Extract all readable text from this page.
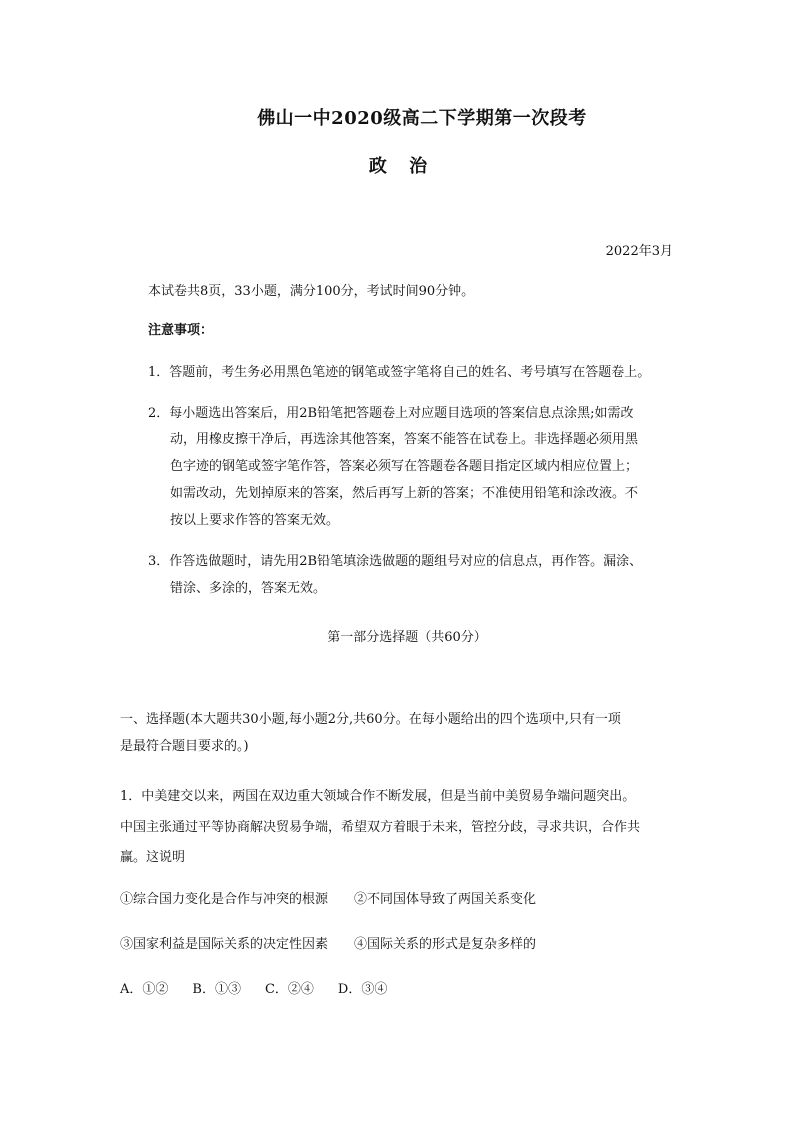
佛山一中2020级高二下学期第一次段考
政 治
2022年3月
本试卷共8页，33小题，满分100分，考试时间90分钟。
注意事项：
1．答题前，考生务必用黑色笔迹的钢笔或签字笔将自己的姓名、考号填写在答题卷上。
2．每小题选出答案后，用2B铅笔把答题卷上对应题目选项的答案信息点涂黑;如需改
动，用橡皮擦干净后，再选涂其他答案，答案不能答在试卷上。非选择题必须用黑
色字迹的钢笔或签字笔作答，答案必须写在答题卷各题目指定区域内相应位置上；
如需改动，先划掉原来的答案，然后再写上新的答案；不准使用铅笔和涂改液。不
按以上要求作答的答案无效。
3．作答选做题时，请先用2B铅笔填涂选做题的题组号对应的信息点，再作答。漏涂、
错涂、多涂的，答案无效。
第一部分选择题（共60分）
一、选择题(本大题共30小题,每小题2分,共60分。在每小题给出的四个选项中,只有一项
是最符合题目要求的。)
1．中美建交以来，两国在双边重大领域合作不断发展，但是当前中美贸易争端问题突出。
中国主张通过平等协商解决贸易争端，希望双方着眼于未来，管控分歧，寻求共识，合作共
赢。这说明
①综合国力变化是合作与冲突的根源 ②不同国体导致了两国关系变化
③国家利益是国际关系的决定性因素 ④国际关系的形式是复杂多样的
A．①② B．①③ C．②④ D．③④
